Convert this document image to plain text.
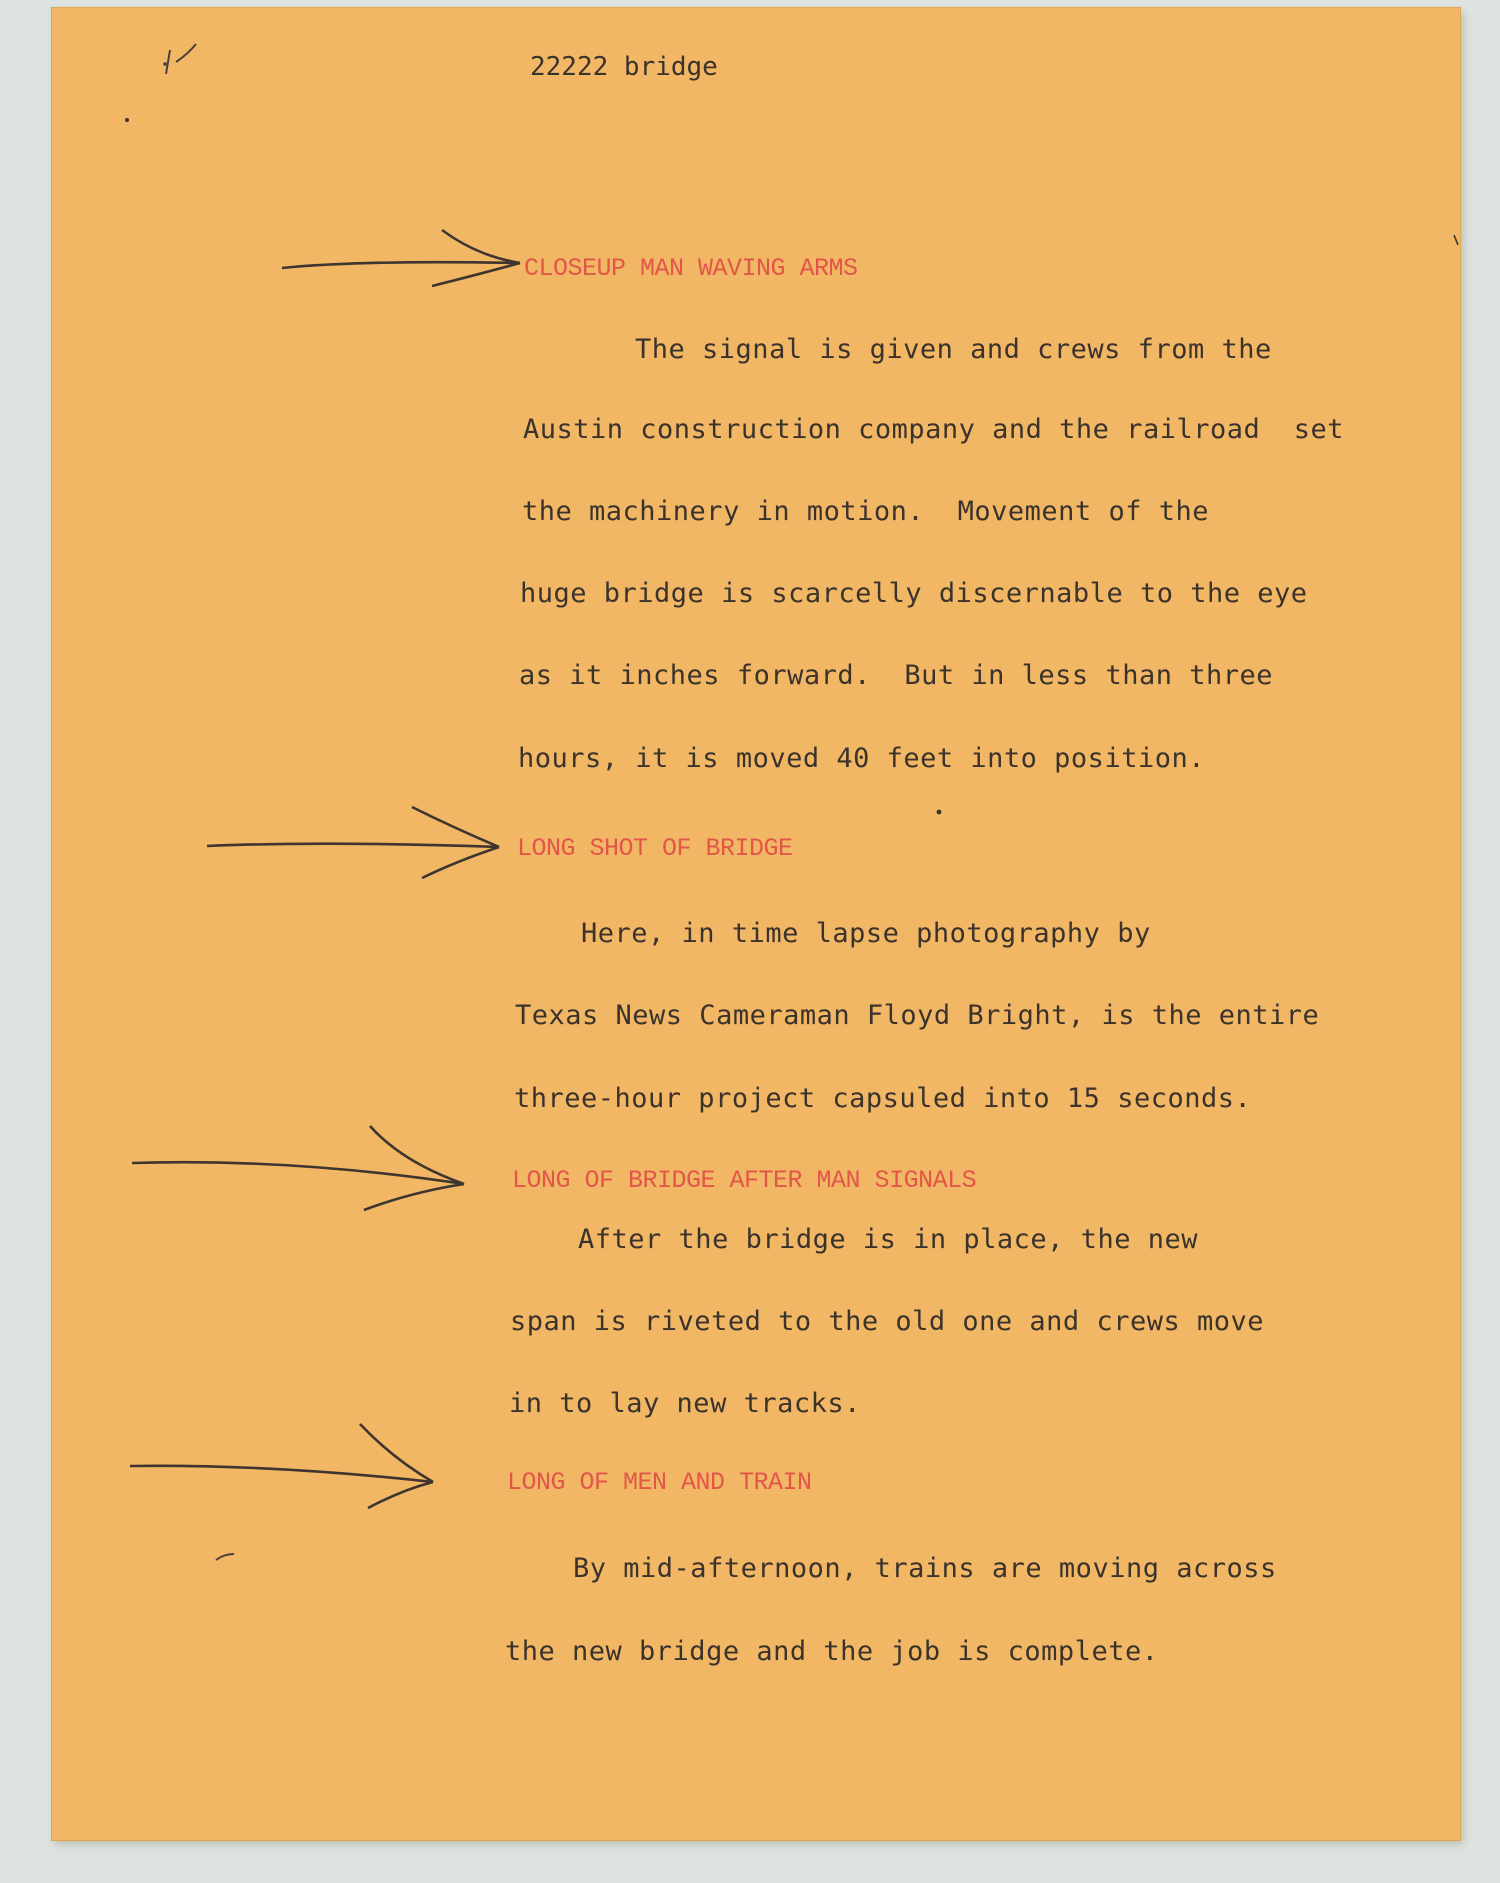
22222 bridge

CLOSEUP MAN WAVING ARMS

The signal is given and crews from the

Austin construction company and the railroad  set

the machinery in motion.  Movement of the

huge bridge is scarcelly discernable to the eye

as it inches forward.  But in less than three

hours, it is moved 40 feet into position.

LONG SHOT OF BRIDGE

Here, in time lapse photography by

Texas News Cameraman Floyd Bright, is the entire

three-hour project capsuled into 15 seconds.

LONG OF BRIDGE AFTER MAN SIGNALS

After the bridge is in place, the new

span is riveted to the old one and crews move

in to lay new tracks.

LONG OF MEN AND TRAIN

By mid-afternoon, trains are moving across

the new bridge and the job is complete.
